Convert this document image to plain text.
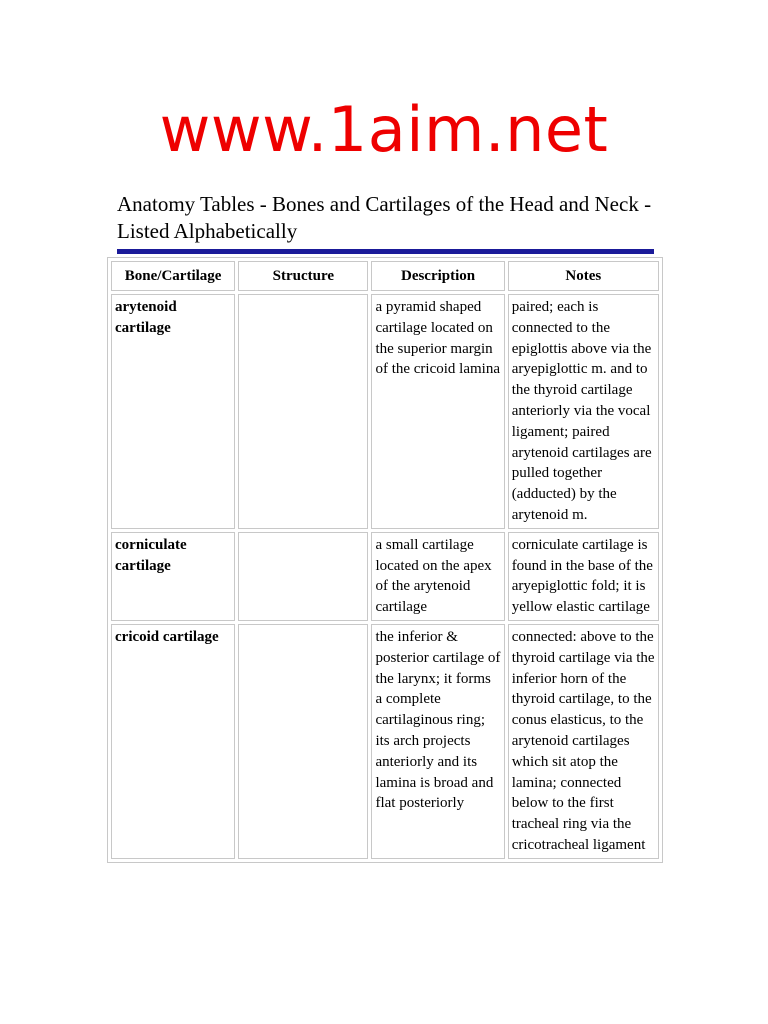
www.1aim.net
Anatomy Tables - Bones and Cartilages of the Head and Neck - Listed Alphabetically
Bone/Cartilage	Structure	Description	Notes
arytenoid cartilage		a pyramid shaped cartilage located on the superior margin of the cricoid lamina	paired; each is connected to the epiglottis above via the aryepiglottic m. and to the thyroid cartilage anteriorly via the vocal ligament; paired arytenoid cartilages are pulled together (adducted) by the arytenoid m.
corniculate cartilage		a small cartilage located on the apex of the arytenoid cartilage	corniculate cartilage is found in the base of the aryepiglottic fold; it is yellow elastic cartilage
cricoid cartilage		the inferior & posterior cartilage of the larynx; it forms a complete cartilaginous ring; its arch projects anteriorly and its lamina is broad and flat posteriorly	connected: above to the thyroid cartilage via the inferior horn of the thyroid cartilage, to the conus elasticus, to the arytenoid cartilages which sit atop the lamina; connected below to the first tracheal ring via the cricotracheal ligament
